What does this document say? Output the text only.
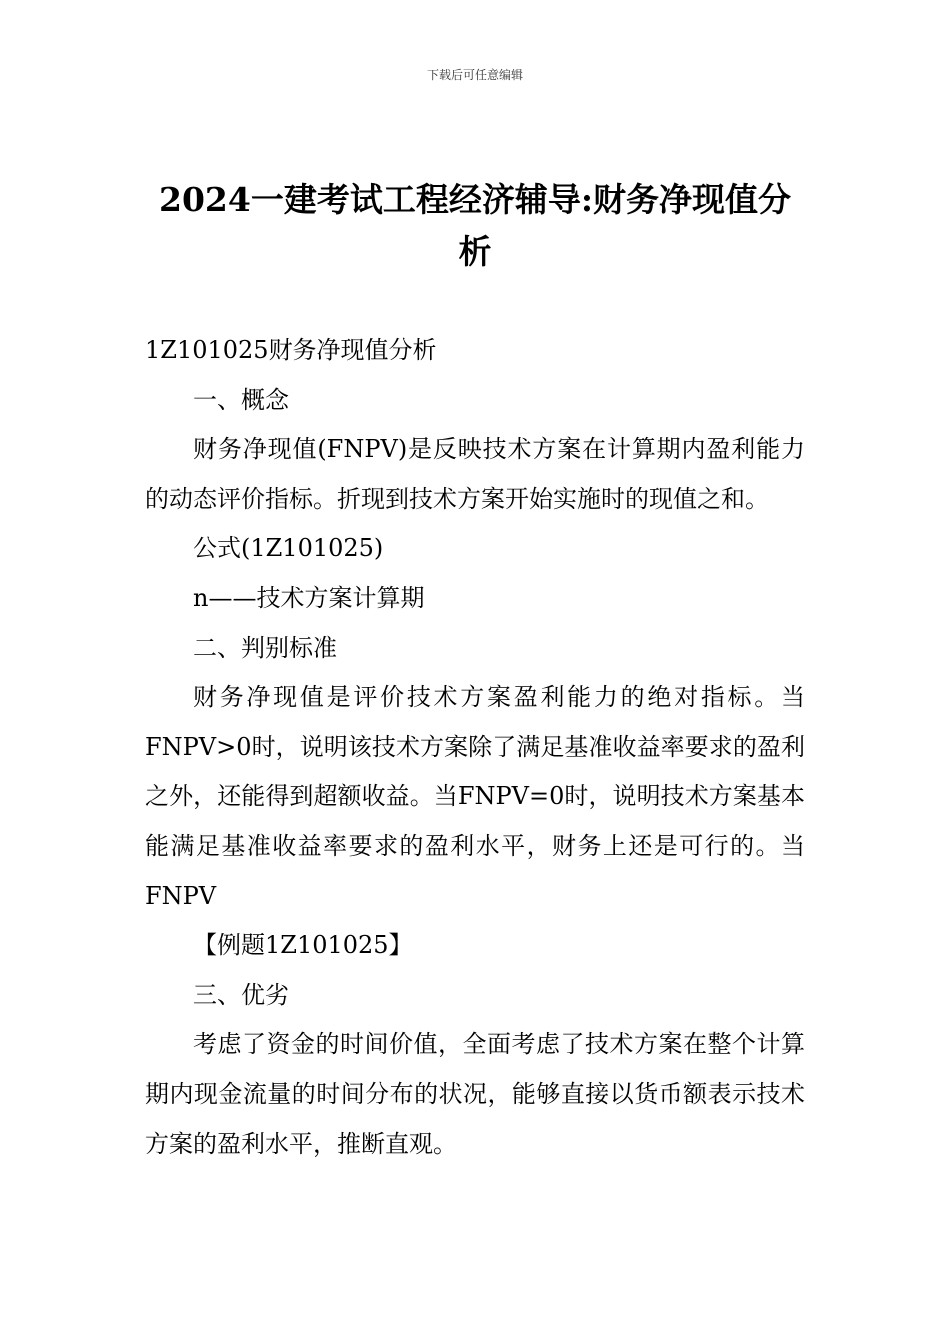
下载后可任意编辑
2024一建考试工程经济辅导:财务净现值分析

1Z101025财务净现值分析

一、概念

财务净现值(FNPV)是反映技术方案在计算期内盈利能力的动态评价指标。折现到技术方案开始实施时的现值之和。

公式(1Z101025)

n——技术方案计算期

二、判别标准

财务净现值是评价技术方案盈利能力的绝对指标。当FNPV>0时，说明该技术方案除了满足基准收益率要求的盈利之外，还能得到超额收益。当FNPV=0时，说明技术方案基本能满足基准收益率要求的盈利水平，财务上还是可行的。当FNPV

【例题1Z101025】

三、优劣

考虑了资金的时间价值，全面考虑了技术方案在整个计算期内现金流量的时间分布的状况，能够直接以货币额表示技术方案的盈利水平，推断直观。
